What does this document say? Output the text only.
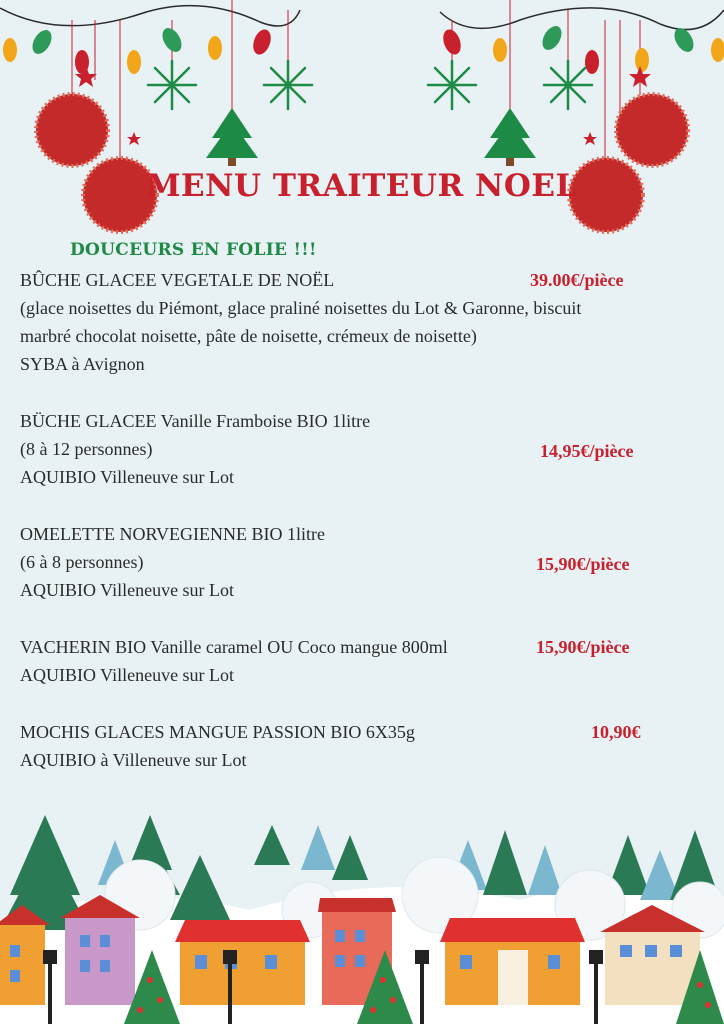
MENU TRAITEUR NOEL
DOUCEURS EN FOLIE !!!
BÛCHE GLACEE VEGETALE DE NOËL	39.00€/pièce
(glace noisettes du Piémont, glace praliné noisettes du Lot & Garonne, biscuit
marbré chocolat noisette, pâte de noisette, crémeux de noisette)
SYBA à Avignon
BÜCHE GLACEE Vanille Framboise BIO 1litre
(8 à 12 personnes)	14,95€/pièce
AQUIBIO Villeneuve sur Lot
OMELETTE NORVEGIENNE BIO 1litre
(6 à 8 personnes)	15,90€/pièce
AQUIBIO Villeneuve sur Lot
VACHERIN BIO Vanille caramel OU Coco mangue 800ml	15,90€/pièce
AQUIBIO Villeneuve sur Lot
MOCHIS GLACES MANGUE PASSION BIO 6X35g	10,90€
AQUIBIO à Villeneuve sur Lot
